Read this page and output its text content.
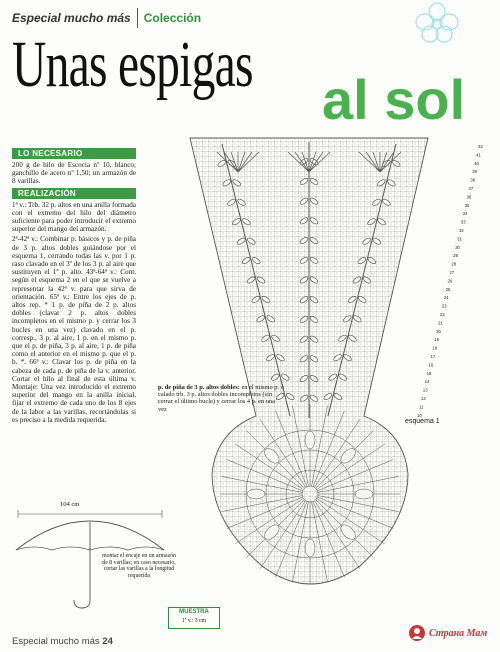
Especial mucho más Colección
Unas espigas al sol
LO NECESARIO
200 g de hilo de Escocia nº 10, blanco; ganchillo de acero nº 1,50; un armazón de 8 varillas.
REALIZACIÓN
1ª v.: Trb. 32 p. altos en una anilla formada con el extremo del hilo del diámetro suficiente para poder introducir el extremo superior del mango del armazón.
2ª-42ª v.: Combinar p. básicos y p. de piña de 3 p. altos dobles guiándose por el esquema 1, cerrando todas las v. por 1 p. raso clavado en el 3º de los 3 p. al aire que sustituyen el 1º p. alto. 43ª-64ª v.: Cont. según el esquema 2 en el que se vuelve a representar la 42ª v. para que sirva de orientación. 65ª v.: Entre los ejes de p. altos rep. * 1 p. de piña de 2 p. altos dobles (clavar 2 p. altos dobles incompletos en el mismo p. y cerrar los 3 bucles en una vez) clavado en el p. corresp., 3 p. al aire, 1 p. en el mismo p. que el p. de piña, 3 p. al aire, 1 p. de piña como el anterior en el mismo p. que el p. b. *. 66ª v.: Clavar los p. de piña en la cabeza de cada p. de piña de la v. anterior. Cortar el hilo al final de esta última v. Montaje: Una vez introducido el extremo superior del mango en la anilla inicial, fijar el extremo de cada uno de los 8 ejes de la labor a las varillas, recortándolas si es preciso a la medida requerida.
42
41
40
39
38
37
36
35
34
33
32
31
30
29
28
27
26
25
24
23
22
21
20
19
18
17
16
15
14
13
12
11
10
p. de piña de 3 p. altos dobles: en el mismo p. ó calado trb. 3 p. altos dobles incompletos (sin cerrar el último bucle) y cerrar los 4 p. en una vez
esquema 1
104 cm
montar el encaje en un armazón de 8 varillas; en caso necesario, cortar las varillas a la longitud requerida
MUESTRA
1ª v.: 3 cm
Especial mucho más 24
Страна Мам
